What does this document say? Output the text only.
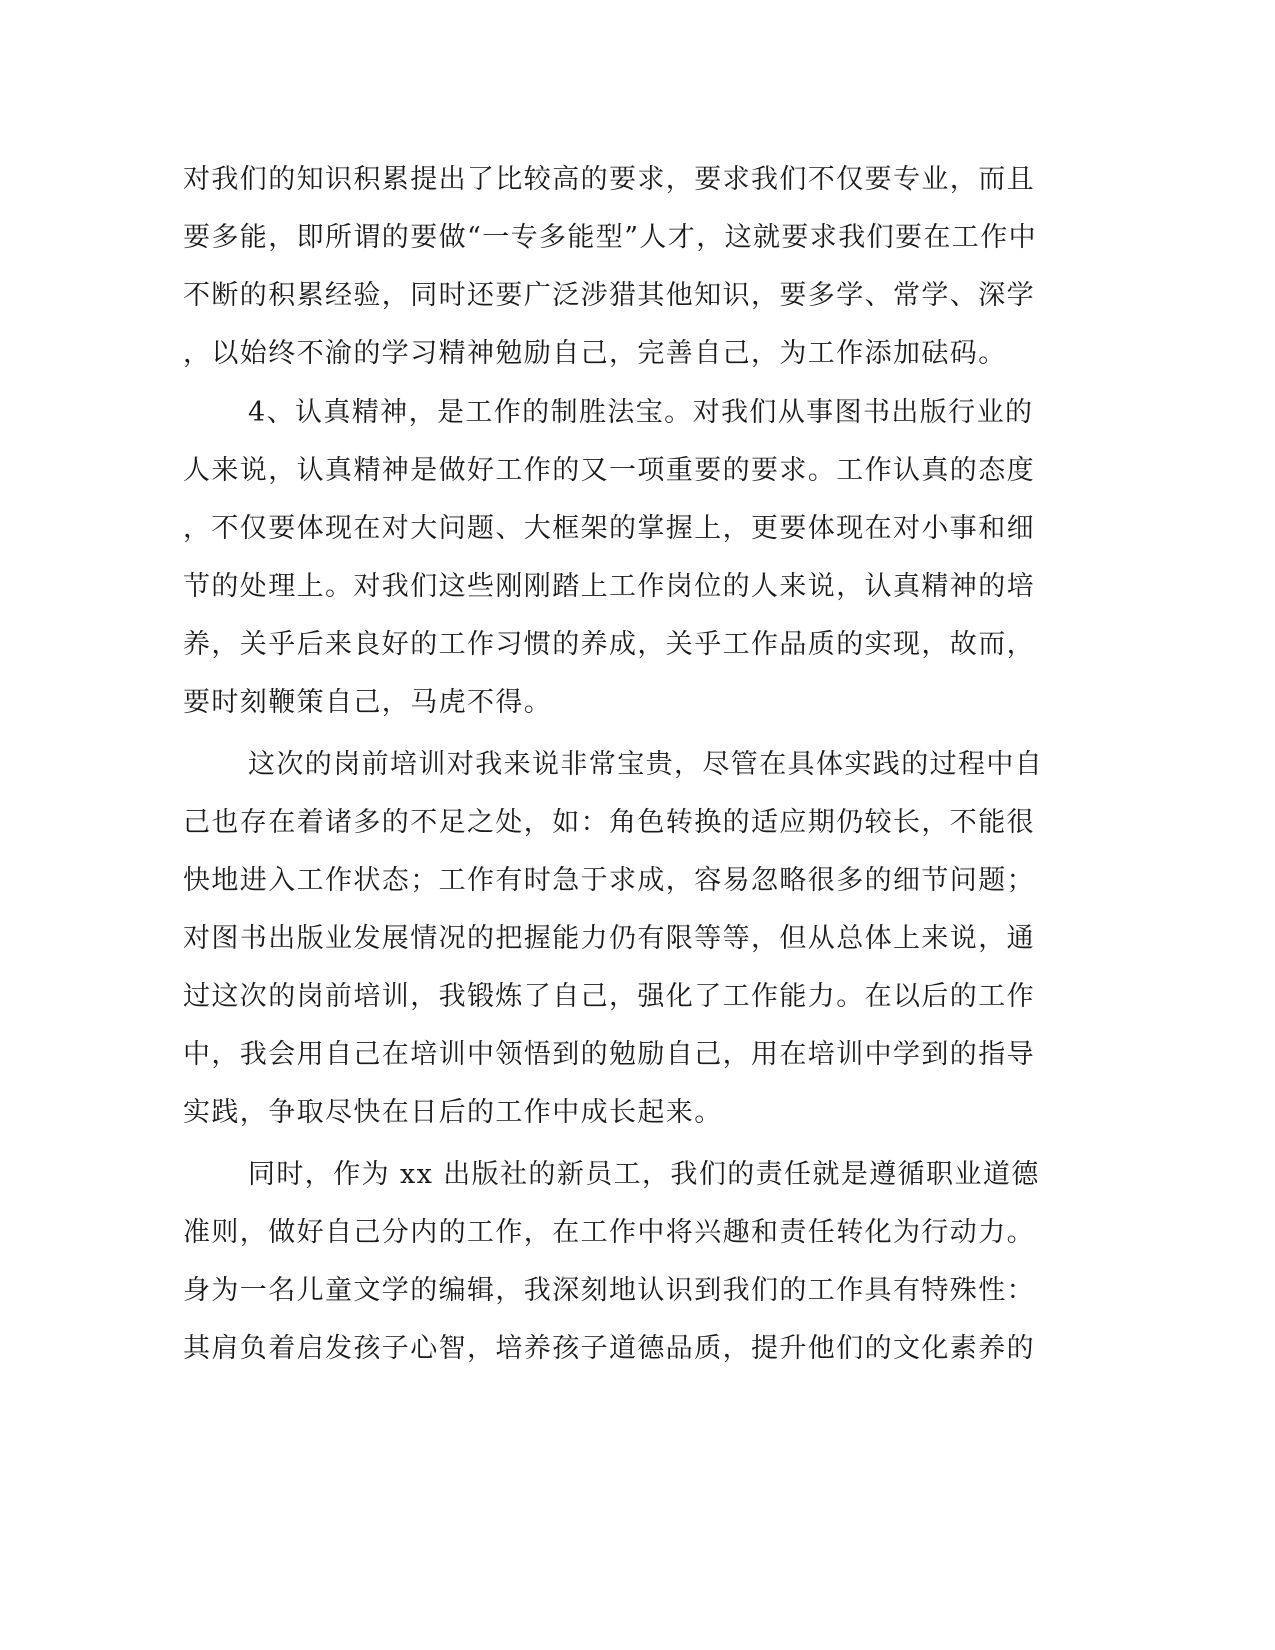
对我们的知识积累提出了比较高的要求，要求我们不仅要专业，而且
要多能，即所谓的要做“一专多能型”人才，这就要求我们要在工作中
不断的积累经验，同时还要广泛涉猎其他知识，要多学、常学、深学
，以始终不渝的学习精神勉励自己，完善自己，为工作添加砝码。
4、认真精神，是工作的制胜法宝。对我们从事图书出版行业的
人来说，认真精神是做好工作的又一项重要的要求。工作认真的态度
，不仅要体现在对大问题、大框架的掌握上，更要体现在对小事和细
节的处理上。对我们这些刚刚踏上工作岗位的人来说，认真精神的培
养，关乎后来良好的工作习惯的养成，关乎工作品质的实现，故而，
要时刻鞭策自己，马虎不得。
这次的岗前培训对我来说非常宝贵，尽管在具体实践的过程中自
己也存在着诸多的不足之处，如：角色转换的适应期仍较长，不能很
快地进入工作状态；工作有时急于求成，容易忽略很多的细节问题；
对图书出版业发展情况的把握能力仍有限等等，但从总体上来说，通
过这次的岗前培训，我锻炼了自己，强化了工作能力。在以后的工作
中，我会用自己在培训中领悟到的勉励自己，用在培训中学到的指导
实践，争取尽快在日后的工作中成长起来。
同时，作为 xx 出版社的新员工，我们的责任就是遵循职业道德
准则，做好自己分内的工作，在工作中将兴趣和责任转化为行动力。
身为一名儿童文学的编辑，我深刻地认识到我们的工作具有特殊性：
其肩负着启发孩子心智，培养孩子道德品质，提升他们的文化素养的
